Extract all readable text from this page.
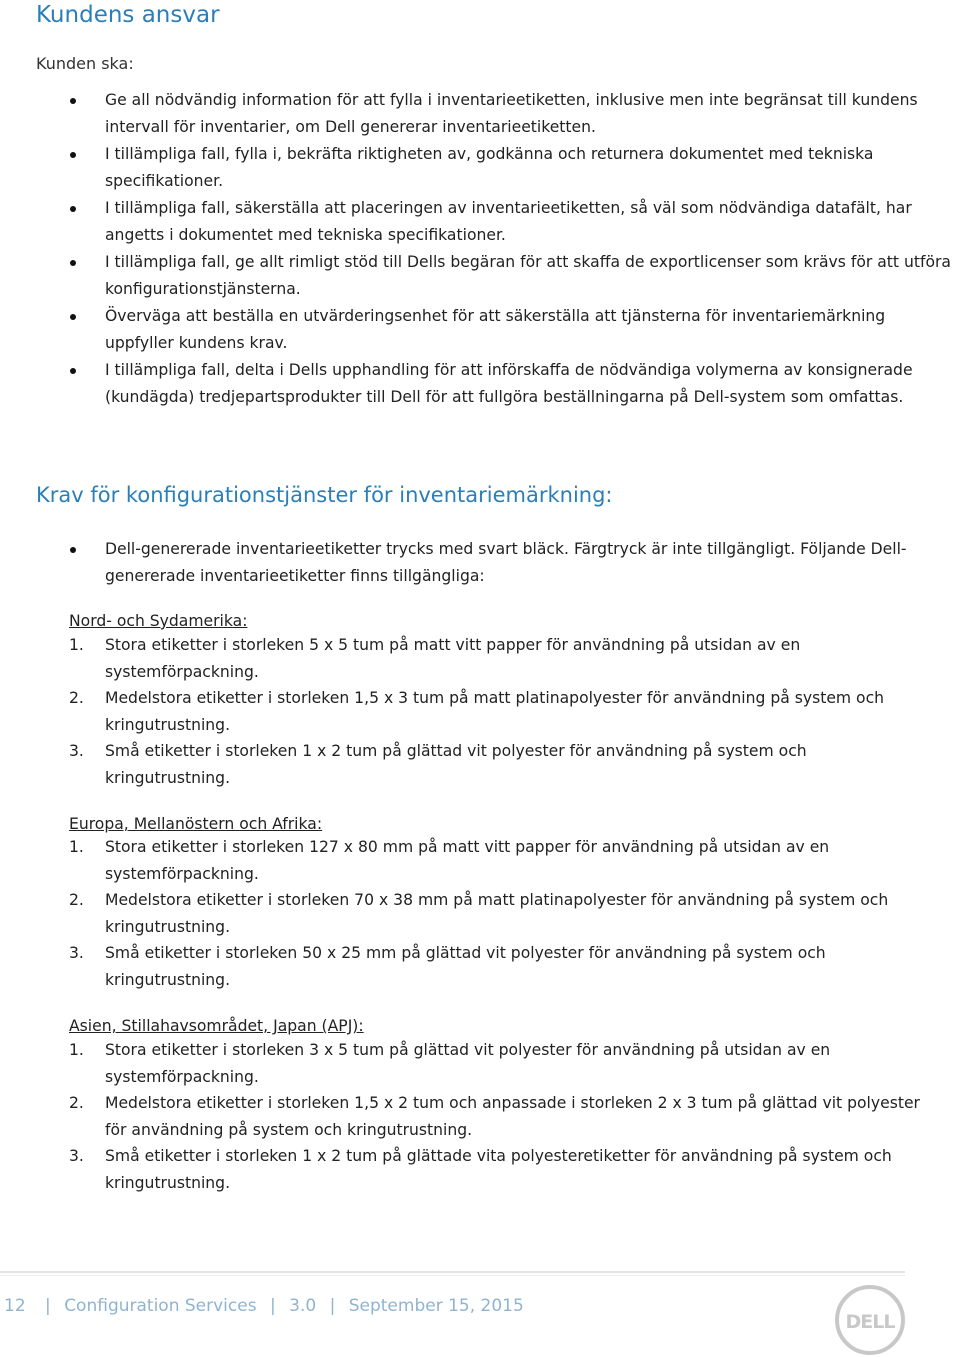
Kundens ansvar
Kunden ska:
Ge all nödvändig information för att fylla i inventarieetiketten, inklusive men inte begränsat till kundens intervall för inventarier, om Dell genererar inventarieetiketten.
I tillämpliga fall, fylla i, bekräfta riktigheten av, godkänna och returnera dokumentet med tekniska specifikationer.
I tillämpliga fall, säkerställa att placeringen av inventarieetiketten, så väl som nödvändiga datafält, har angetts i dokumentet med tekniska specifikationer.
I tillämpliga fall, ge allt rimligt stöd till Dells begäran för att skaffa de exportlicenser som krävs för att utföra konfigurationstjänsterna.
Överväga att beställa en utvärderingsenhet för att säkerställa att tjänsterna för inventariemärkning uppfyller kundens krav.
I tillämpliga fall, delta i Dells upphandling för att införskaffa de nödvändiga volymerna av konsignerade (kundägda) tredjepartsprodukter till Dell för att fullgöra beställningarna på Dell-system som omfattas.
Krav för konfigurationstjänster för inventariemärkning:
Dell-genererade inventarieetiketter trycks med svart bläck. Färgtryck är inte tillgängligt. Följande Dell-genererade inventarieetiketter finns tillgängliga:
Nord- och Sydamerika:
1. Stora etiketter i storleken 5 x 5 tum på matt vitt papper för användning på utsidan av en systemförpackning.
2. Medelstora etiketter i storleken 1,5 x 3 tum på matt platinapolyester för användning på system och kringutrustning.
3. Små etiketter i storleken 1 x 2 tum på glättad vit polyester för användning på system och kringutrustning.
Europa, Mellanöstern och Afrika:
1. Stora etiketter i storleken 127 x 80 mm på matt vitt papper för användning på utsidan av en systemförpackning.
2. Medelstora etiketter i storleken 70 x 38 mm på matt platinapolyester för användning på system och kringutrustning.
3. Små etiketter i storleken 50 x 25 mm på glättad vit polyester för användning på system och kringutrustning.
Asien, Stillahavsområdet, Japan (APJ):
1. Stora etiketter i storleken 3 x 5 tum på glättad vit polyester för användning på utsidan av en systemförpackning.
2. Medelstora etiketter i storleken 1,5 x 2 tum och anpassade i storleken 2 x 3 tum på glättad vit polyester för användning på system och kringutrustning.
3. Små etiketter i storleken 1 x 2 tum på glättade vita polyesteretiketter för användning på system och kringutrustning.
12 | Configuration Services | 3.0 | September 15, 2015
DELL
